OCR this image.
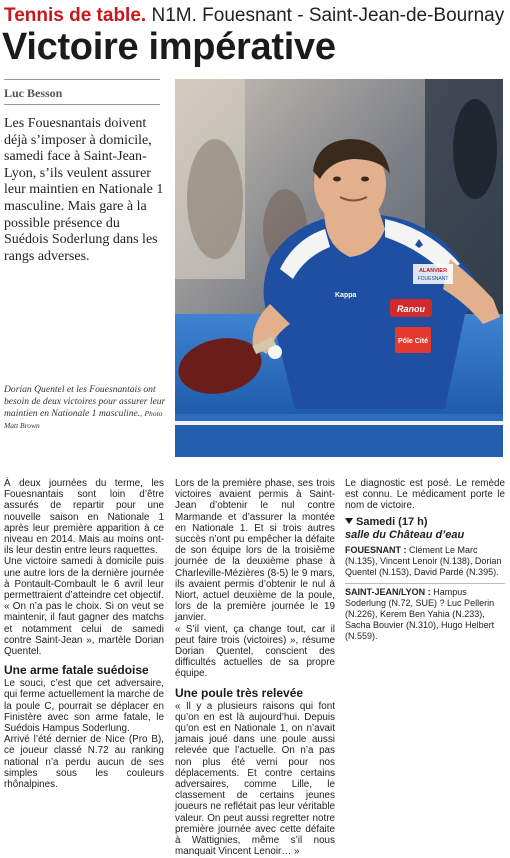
Tennis de table. N1M. Fouesnant - Saint-Jean-de-Bournay
Victoire impérative
Luc Besson
Les Fouesnantais doivent déjà s’imposer à domicile, samedi face à Saint-Jean-Lyon, s’ils veulent assurer leur maintien en Nationale 1 masculine. Mais gare à la possible présence du Suédois Soderlung dans les rangs adverses.
Dorian Quentel et les Fouesnantais ont besoin de deux victoires pour assurer leur maintien en Nationale 1 masculine., Photo Matt Brown
Ranou
Pôle Cité
ALANVIER
FOUESNANT
Kappa

À deux journées du terme, les Fouesnantais sont loin d’être assurés de repartir pour une nouvelle saison en Nationale 1 après leur première apparition à ce niveau en 2014. Mais au moins ont-ils leur destin entre leurs raquettes.

Une victoire samedi à domicile puis une autre lors de la dernière journée à Pontault-Combault le 6 avril leur permettraient d’atteindre cet objectif.

« On n’a pas le choix. Si on veut se maintenir, il faut gagner des matchs et notamment celui de samedi contre Saint-Jean », martèle Dorian Quentel.

Une arme fatale suédoise

Le souci, c’est que cet adversaire, qui ferme actuellement la marche de la poule C, pourrait se déplacer en Finistère avec son arme fatale, le Suédois Hampus Soderlung.

Arrivé l’été dernier de Nice (Pro B), ce joueur classé N.72 au ranking national n’a perdu aucun de ses simples sous les couleurs rhônalpines.

Lors de la première phase, ses trois victoires avaient permis à Saint-Jean d’obtenir le nul contre Marmande et d’assurer la montée en Nationale 1. Et si trois autres succès n’ont pu empêcher la défaite de son équipe lors de la troisième journée de la deuxième phase à Charleville-Mézières (8-5) le 9 mars, ils avaient permis d’obtenir le nul à Niort, actuel deuxième de la poule, lors de la première journée le 19 janvier.

« S’il vient, ça change tout, car il peut faire trois (victoires) », résume Dorian Quentel, conscient des difficultés actuelles de sa propre équipe.

Une poule très relevée

« Il y a plusieurs raisons qui font qu’on en est là aujourd’hui. Depuis qu’on est en Nationale 1, on n’avait jamais joué dans une poule aussi relevée que l’actuelle. On n’a pas non plus été verni pour nos déplacements. Et contre certains adversaires, comme Lille, le classement de certains jeunes joueurs ne reflétait pas leur véritable valeur. On peut aussi regretter notre première journée avec cette défaite à Wattignies, même s’il nous manquait Vincent Lenoir… »

Le diagnostic est posé. Le remède est connu. Le médicament porte le nom de victoire.

Samedi (17 h)
salle du Château d’eau
FOUESNANT : Clément Le Marc (N.135), Vincent Lenoir (N.138), Dorian Quentel (N.153), David Pardé (N.395).
SAINT-JEAN/LYON : Hampus Soderlung (N.72, SUE) ? Luc Pellerin (N.226), Kerem Ben Yahia (N.233), Sacha Bouvier (N.310), Hugo Helbert (N.559).
